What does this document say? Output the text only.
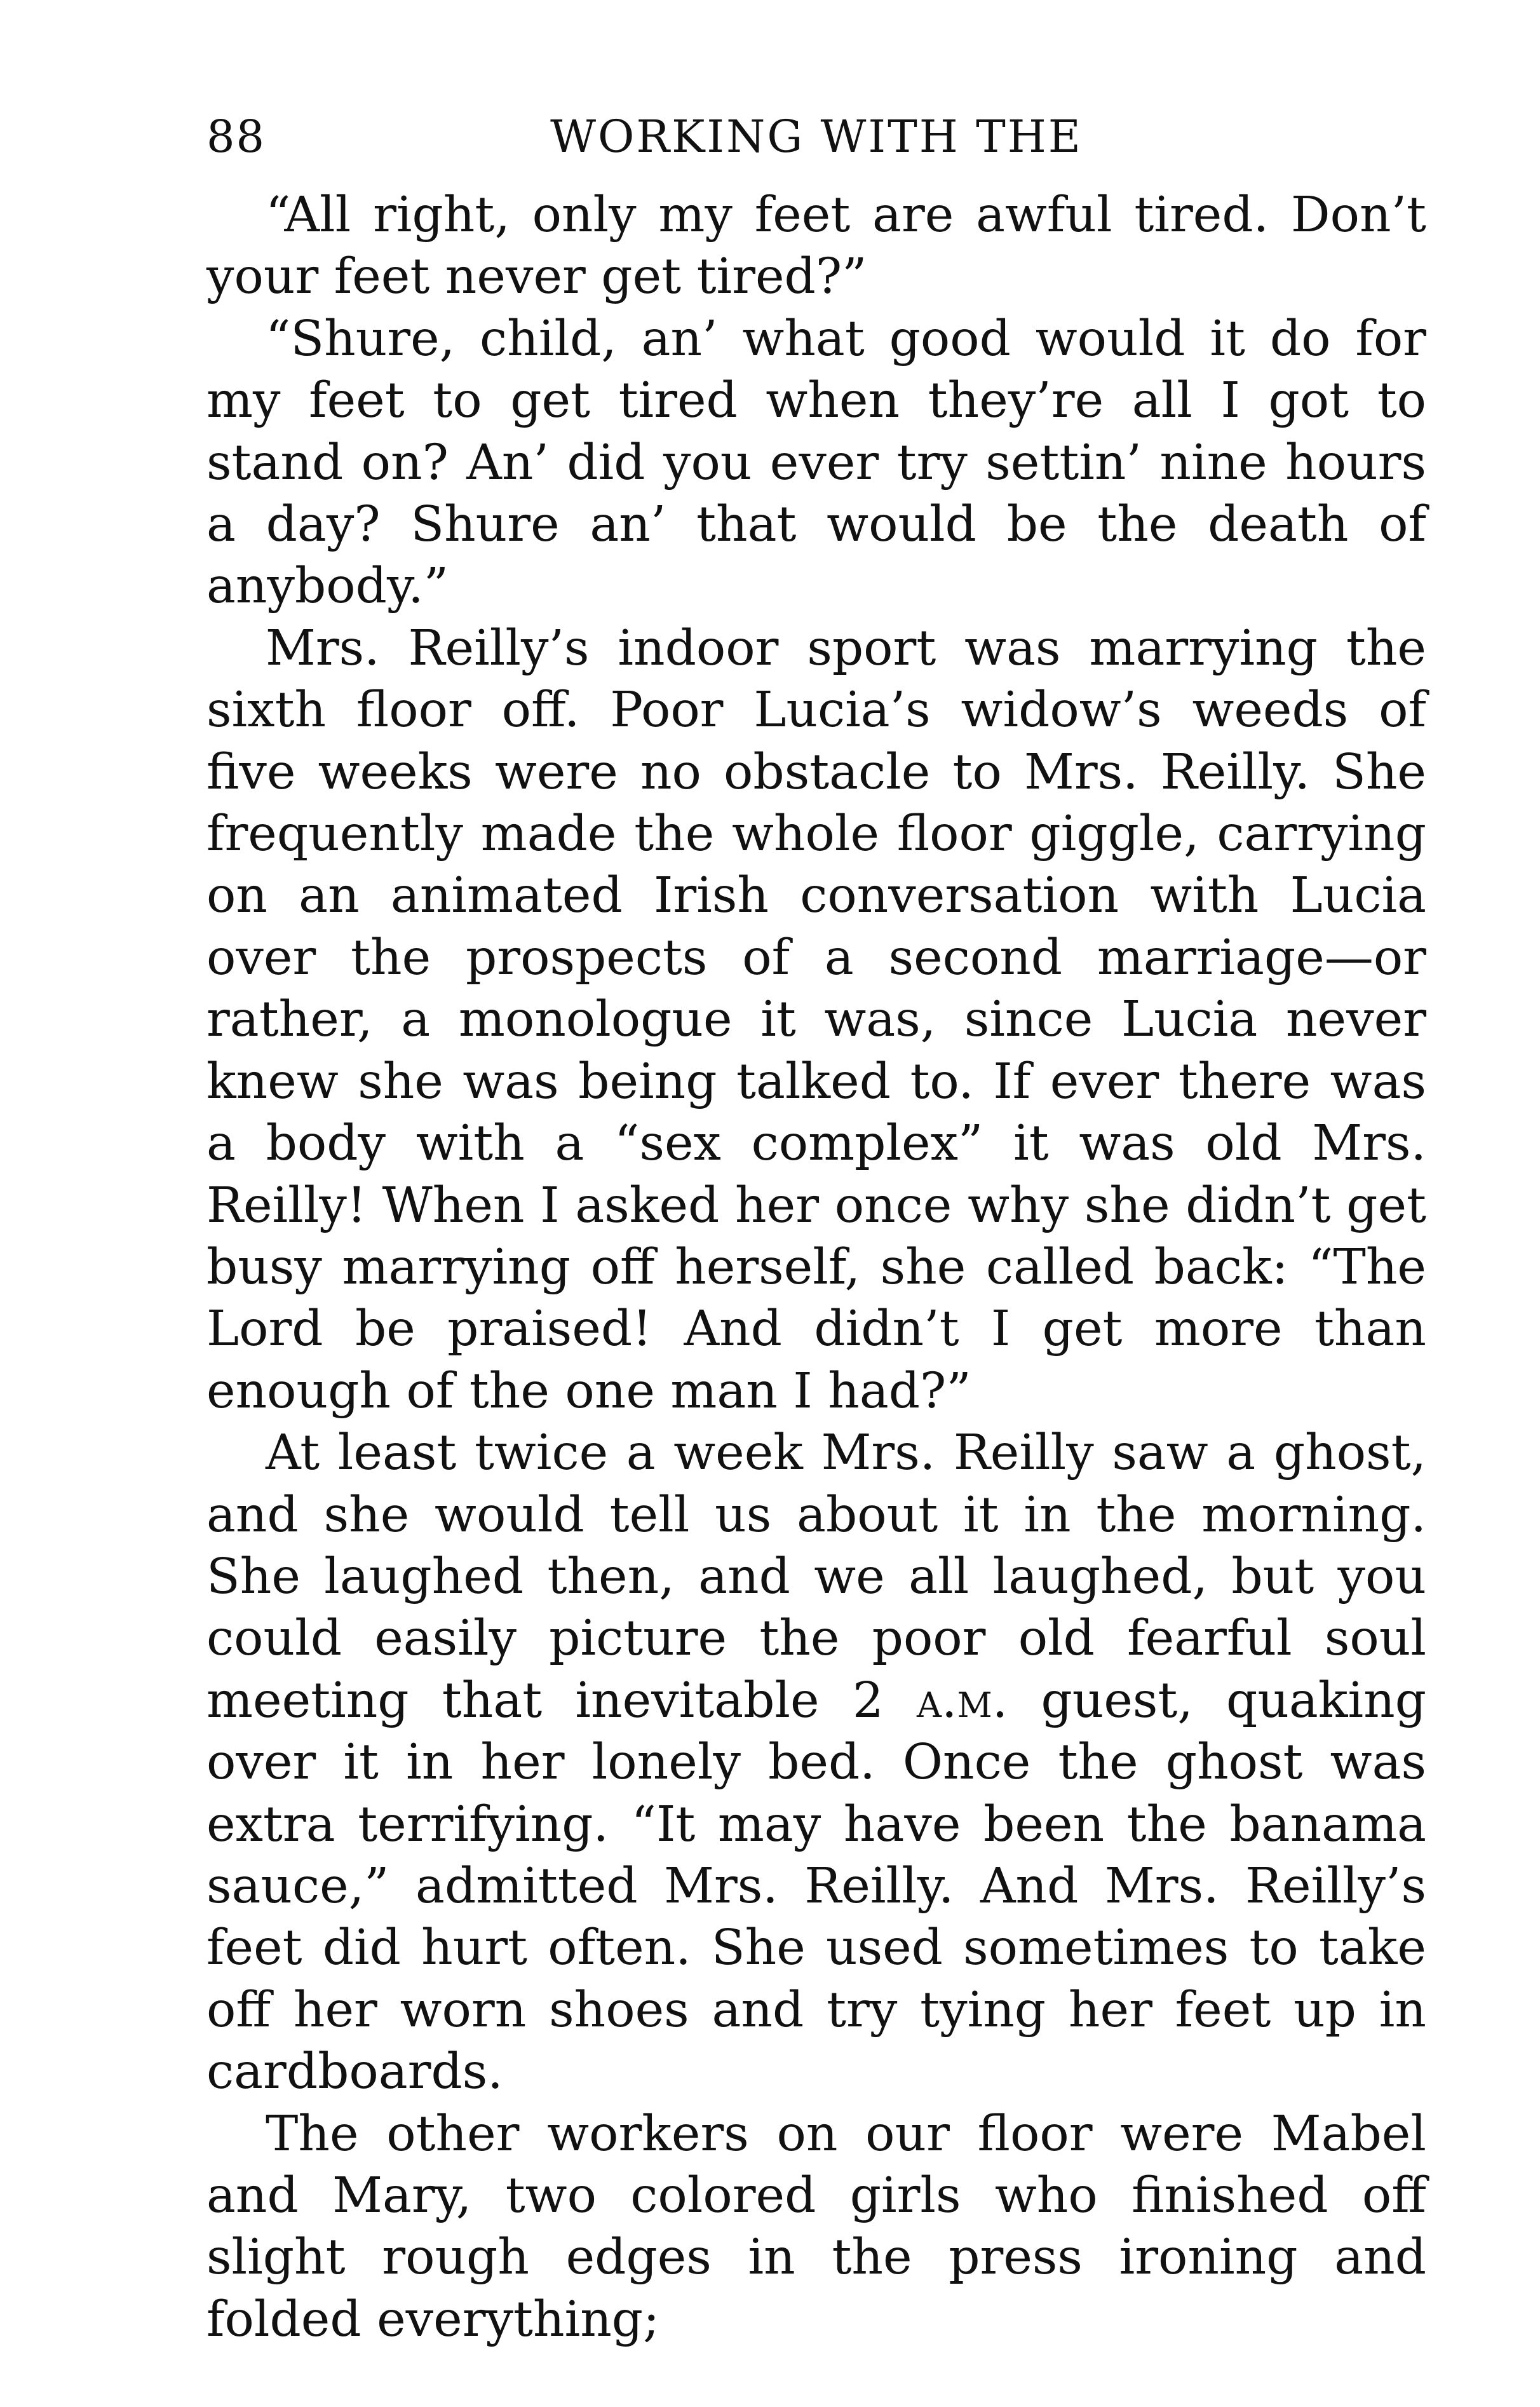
88	WORKING WITH THE

“All right, only my feet are awful tired. Don’t your feet never get tired?”

“Shure, child, an’ what good would it do for my feet to get tired when they’re all I got to stand on? An’ did you ever try settin’ nine hours a day? Shure an’ that would be the death of anybody.”

Mrs. Reilly’s indoor sport was marrying the sixth floor off. Poor Lucia’s widow’s weeds of five weeks were no obstacle to Mrs. Reilly. She frequently made the whole floor giggle, carrying on an animated Irish conversation with Lucia over the prospects of a second marriage—or rather, a monologue it was, since Lucia never knew she was being talked to. If ever there was a body with a “sex complex” it was old Mrs. Reilly! When I asked her once why she didn’t get busy marrying off herself, she called back: “The Lord be praised! And didn’t I get more than enough of the one man I had?”

At least twice a week Mrs. Reilly saw a ghost, and she would tell us about it in the morning. She laughed then, and we all laughed, but you could easily picture the poor old fearful soul meeting that inevitable 2 a.m. guest, quaking over it in her lonely bed. Once the ghost was extra terrifying. “It may have been the banama sauce,” admitted Mrs. Reilly. And Mrs. Reilly’s feet did hurt often. She used sometimes to take off her worn shoes and try tying her feet up in cardboards.

The other workers on our floor were Mabel and Mary, two colored girls who finished off slight rough edges in the press ironing and folded everything;
